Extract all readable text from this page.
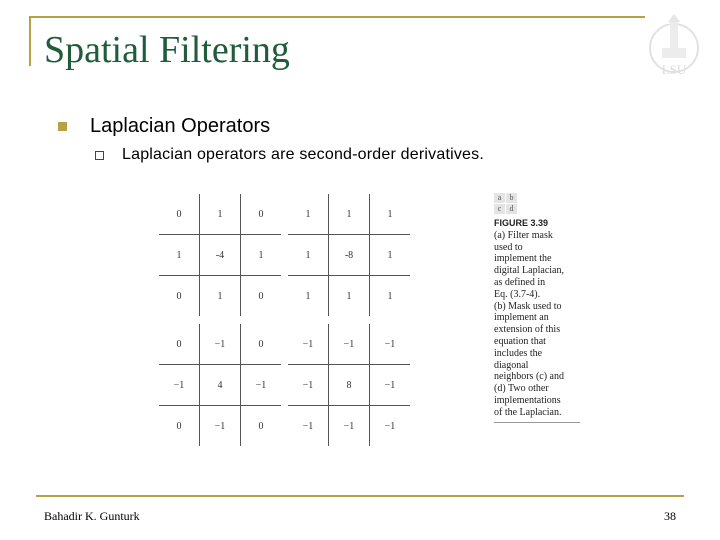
Spatial Filtering	LSU
Laplacian Operators
Laplacian operators are second-order derivatives.
0	1	0
1	-4	1
0	1	0
1	1	1
1	-8	1
1	1	1
0	−1	0
−1	4	−1
0	−1	0
−1	−1	−1
−1	8	−1
−1	−1	−1
a	b
c	d
FIGURE 3.39
(a) Filter mask
used to
implement the
digital Laplacian,
as defined in
Eq. (3.7-4).
(b) Mask used to
implement an
extension of this
equation that
includes the
diagonal
neighbors (c) and
(d) Two other
implementations
of the Laplacian.
Bahadir K. Gunturk	38
